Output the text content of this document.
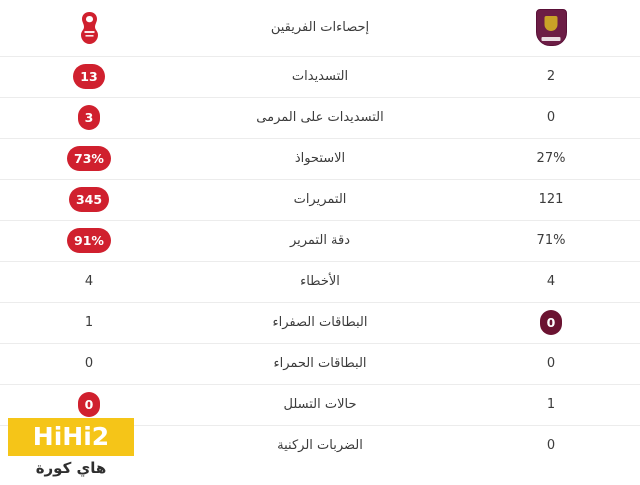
	إحصاءات الفريقين	
2	التسديدات	13
0	التسديدات على المرمى	3
27%	الاستحواذ	73%
121	التمريرات	345
71%	دقة التمرير	91%
4	الأخطاء	4
0	البطاقات الصفراء	1
0	البطاقات الحمراء	0
1	حالات التسلل	0
0	الضربات الركنية	
HiHi2
هاي كورة
